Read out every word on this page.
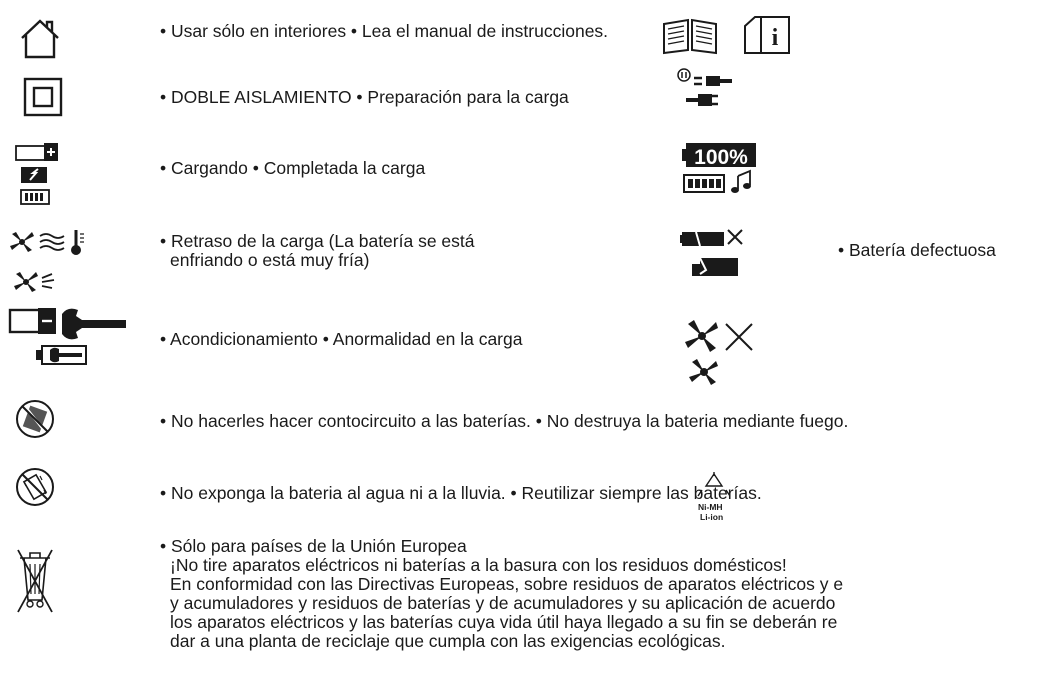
• Usar sólo en interiores • Lea el manual de instrucciones.	i
• DOBLE AISLAMIENTO • Preparación para la carga
• Cargando • Completada la carga	100%
• Retraso de la carga (La batería se está
enfriando o está muy fría)	• Batería defectuosa
• Acondicionamiento • Anormalidad en la carga
• No hacerles hacer contocircuito a las baterías. • No destruya la bateria mediante fuego.
• No exponga la bateria al agua ni a la lluvia. • Reutilizar siempre las baterías.
Ni-MH
Li-ion
• Sólo para países de la Unión Europea
¡No tire aparatos eléctricos ni baterías a la basura con los residuos domésticos!
En conformidad con las Directivas Europeas, sobre residuos de aparatos eléctricos y e
y acumuladores y residuos de baterías y de acumuladores y su aplicación de acuerdo
los aparatos eléctricos y las baterías cuya vida útil haya llegado a su fin se deberán re
dar a una planta de reciclaje que cumpla con las exigencias ecológicas.
